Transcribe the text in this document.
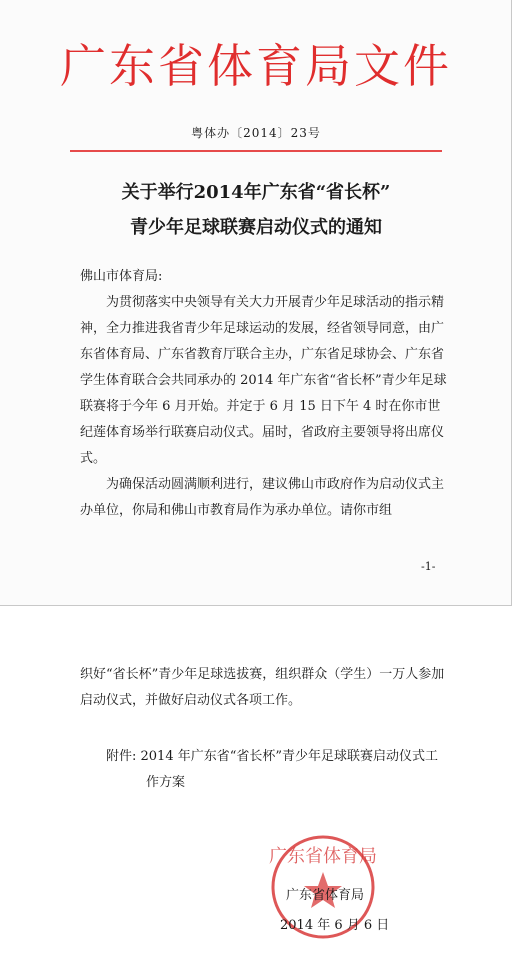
广东省体育局文件
粤体办〔2014〕23号
关于举行2014年广东省“省长杯”
青少年足球联赛启动仪式的通知
佛山市体育局:

为贯彻落实中央领导有关大力开展青少年足球活动的指示精神，全力推进我省青少年足球运动的发展，经省领导同意，由广东省体育局、广东省教育厅联合主办，广东省足球协会、广东省学生体育联合会共同承办的 2014 年广东省“省长杯”青少年足球联赛将于今年 6 月开始。并定于 6 月 15 日下午 4 时在你市世纪莲体育场举行联赛启动仪式。届时，省政府主要领导将出席仪式。

为确保活动圆满顺利进行，建议佛山市政府作为启动仪式主办单位，你局和佛山市教育局作为承办单位。请你市组

-1-

织好“省长杯”青少年足球选拔赛，组织群众（学生）一万人参加启动仪式，并做好启动仪式各项工作。

附件: 2014 年广东省“省长杯”青少年足球联赛启动仪式工作方案

广东省体育局
广东省体育局
2014 年 6 月 6 日
